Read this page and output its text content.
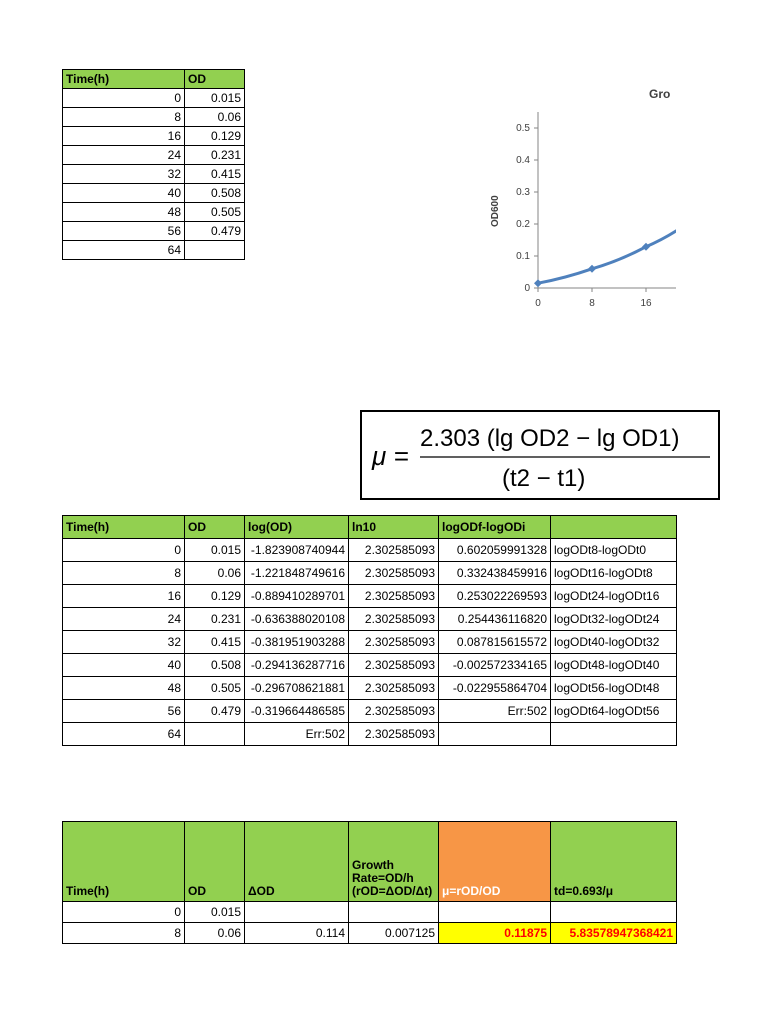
Time(h)	OD
0	0.015
8	0.06
16	0.129
24	0.231
32	0.415
40	0.508
48	0.505
56	0.479
64	
Gro
OD600
0
0.1
0.2
0.3
0.4
0.5
0	8	16
μ =
2.303 (lg OD2 − lg OD1)
(t2 − t1)
Time(h)	OD	log(OD)	ln10	logODf-logODi	
0	0.015	-1.823908740944	2.302585093	0.602059991328	logODt8-logODt0
8	0.06	-1.221848749616	2.302585093	0.332438459916	logODt16-logODt8
16	0.129	-0.889410289701	2.302585093	0.253022269593	logODt24-logODt16
24	0.231	-0.636388020108	2.302585093	0.254436116820	logODt32-logODt24
32	0.415	-0.381951903288	2.302585093	0.087815615572	logODt40-logODt32
40	0.508	-0.294136287716	2.302585093	-0.002572334165	logODt48-logODt40
48	0.505	-0.296708621881	2.302585093	-0.022955864704	logODt56-logODt48
56	0.479	-0.319664486585	2.302585093	Err:502	logODt64-logODt56
64		Err:502	2.302585093		
Time(h)	OD	ΔOD	Growth Rate=OD/h (rOD=ΔOD/Δt)	μ=rOD/OD	td=0.693/μ
0	0.015				
8	0.06	0.114	0.007125	0.11875	5.83578947368421
